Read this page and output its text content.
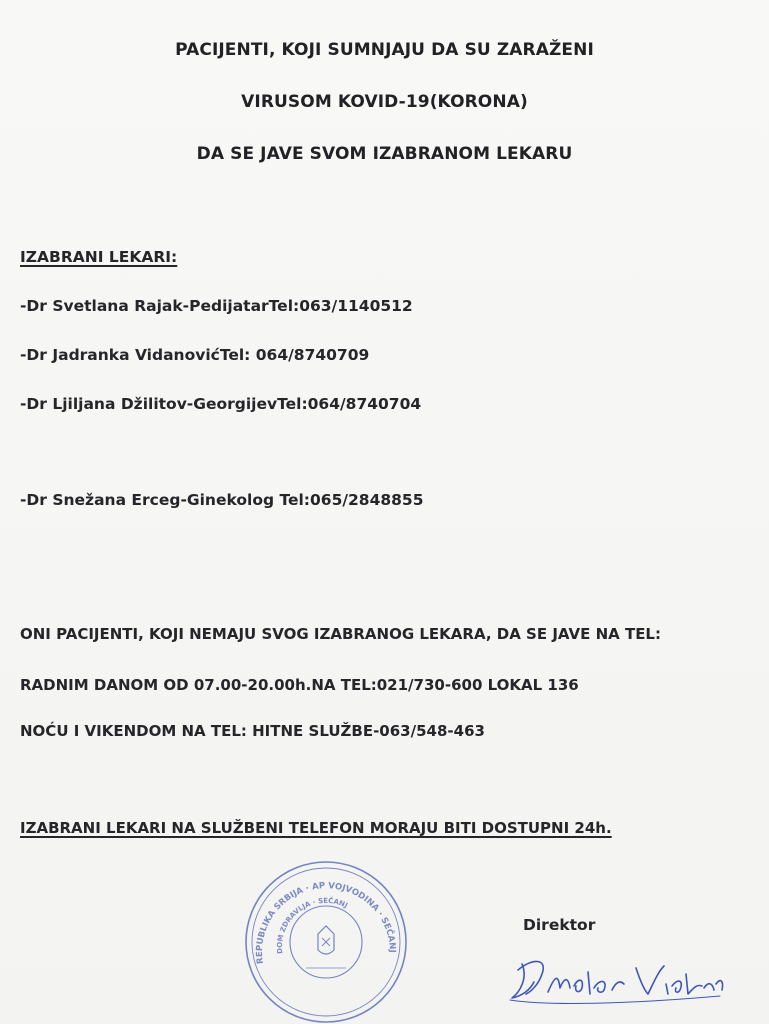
PACIJENTI, KOJI SUMNJAJU DA SU ZARAŽENI
VIRUSOM KOVID-19(KORONA)
DA SE JAVE SVOM IZABRANOM LEKARU
IZABRANI LEKARI:
-Dr Svetlana Rajak-PedijatarTel:063/1140512
-Dr Jadranka VidanovićTel: 064/8740709
-Dr Ljiljana Džilitov-GeorgijevTel:064/8740704
-Dr Snežana Erceg-Ginekolog Tel:065/2848855
ONI PACIJENTI, KOJI NEMAJU SVOG IZABRANOG LEKARA, DA SE JAVE NA TEL:
RADNIM DANOM OD 07.00-20.00h.NA TEL:021/730-600 LOKAL 136
NOĆU I VIKENDOM NA TEL: HITNE SLUŽBE-063/548-463
IZABRANI LEKARI NA SLUŽBENI TELEFON MORAJU BITI DOSTUPNI 24h.
REPUBLIKA SRBIJA · AP VOJVODINA · SEČANJ
DOM ZDRAVLJA · SEČANJ
Direktor
